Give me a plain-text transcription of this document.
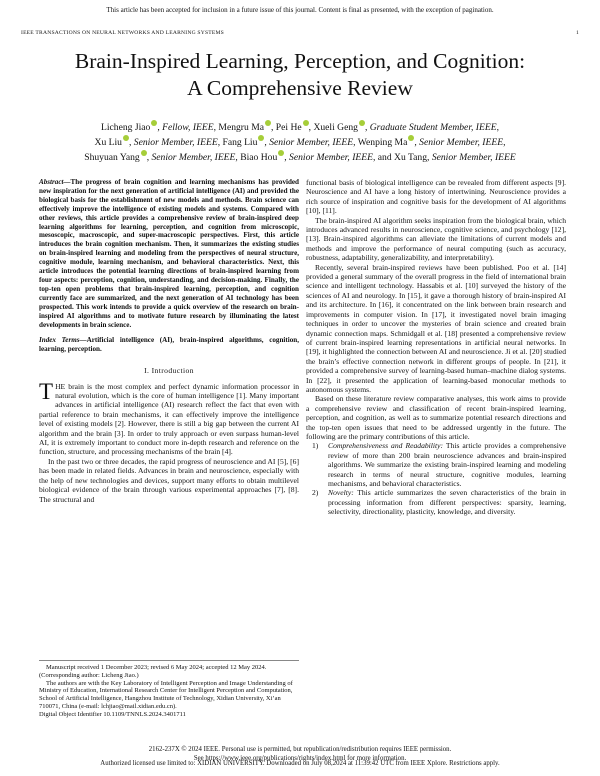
This article has been accepted for inclusion in a future issue of this journal. Content is final as presented, with the exception of pagination.
IEEE TRANSACTIONS ON NEURAL NETWORKS AND LEARNING SYSTEMS	1
Brain-Inspired Learning, Perception, and Cognition:
A Comprehensive Review
Licheng Jiao , Fellow, IEEE, Mengru Ma , Pei He , Xueli Geng , Graduate Student Member, IEEE,
Xu Liu , Senior Member, IEEE, Fang Liu , Senior Member, IEEE, Wenping Ma , Senior Member, IEEE,
Shuyuan Yang , Senior Member, IEEE, Biao Hou , Senior Member, IEEE, and Xu Tang, Senior Member, IEEE
Abstract—The progress of brain cognition and learning mechanisms has provided new inspiration for the next generation of artificial intelligence (AI) and provided the biological basis for the establishment of new models and methods. Brain science can effectively improve the intelligence of existing models and systems. Compared with other reviews, this article provides a comprehensive review of brain-inspired deep learning algorithms for learning, perception, and cognition from microscopic, mesoscopic, macroscopic, and super-macroscopic perspectives. First, this article introduces the brain cognition mechanism. Then, it summarizes the existing studies on brain-inspired learning and modeling from the perspectives of neural structure, cognitive module, learning mechanism, and behavioral characteristics. Next, this article introduces the potential learning directions of brain-inspired learning from four aspects: perception, cognition, understanding, and decision-making. Finally, the top-ten open problems that brain-inspired learning, perception, and cognition currently face are summarized, and the next generation of AI technology has been prospected. This work intends to provide a quick overview of the research on brain-inspired AI algorithms and to motivate future research by illuminating the latest developments in brain science.
Index Terms—Artificial intelligence (AI), brain-inspired algorithms, cognition, learning, perception.
I. Introduction

THE brain is the most complex and perfect dynamic information processor in natural evolution, which is the core of human intelligence [1]. Many important advances in artificial intelligence (AI) research reflect the fact that even with partial reference to brain mechanisms, it can effectively improve the intelligence level of existing models [2]. However, there is still a big gap between the current AI algorithm and the brain [3]. In order to truly approach or even surpass human-level AI, it is extremely important to conduct more in-depth research and reference on the function, structure, and processing mechanisms of the brain [4].

In the past two or three decades, the rapid progress of neuroscience and AI [5], [6] has been made in related fields. Advances in brain and neuroscience, especially with the help of new technologies and devices, support many efforts to obtain multilevel biological evidence of the brain through various experimental approaches [7], [8]. The structural and

Manuscript received 1 December 2023; revised 6 May 2024; accepted 12 May 2024. (Corresponding author: Licheng Jiao.)

The authors are with the Key Laboratory of Intelligent Perception and Image Understanding of Ministry of Education, International Research Center for Intelligent Perception and Computation, School of Artificial Intelligence, Hangzhou Institute of Technology, Xidian University, Xi’an 710071, China (e-mail: lchjiao@mail.xidian.edu.cn).

Digital Object Identifier 10.1109/TNNLS.2024.3401711

functional basis of biological intelligence can be revealed from different aspects [9]. Neuroscience and AI have a long history of intertwining. Neuroscience provides a rich source of inspiration and cognitive basis for the development of AI algorithms [10], [11].

The brain-inspired AI algorithm seeks inspiration from the biological brain, which introduces advanced results in neuroscience, cognitive science, and psychology [12], [13]. Brain-inspired algorithms can alleviate the limitations of current models and methods and improve the performance of neural computing (such as accuracy, robustness, adaptability, generalizability, and interpretability).

Recently, several brain-inspired reviews have been published. Poo et al. [14] provided a general summary of the overall progress in the field of international brain science and intelligent technology. Hassabis et al. [10] surveyed the history of the sciences of AI and neurology. In [15], it gave a thorough history of brain-inspired AI and its architecture. In [16], it concentrated on the link between brain research and improvements in computer vision. In [17], it investigated novel brain imaging techniques in order to uncover the mysteries of brain science and created brain dynamic connection maps. Schmidgall et al. [18] presented a comprehensive review of current brain-inspired learning representations in artificial neural networks. In [19], it highlighted the connection between AI and neuroscience. Ji et al. [20] studied the brain’s effective connection network in different groups of people. In [21], it provided a comprehensive survey of learning-based human–machine dialog systems. In [22], it presented the application of learning-based monocular methods to autonomous systems.

Based on these literature review comparative analyses, this work aims to provide a comprehensive review and classification of recent brain-inspired learning, perception, and cognition, as well as to summarize potential research directions and the top-ten open issues that need to be addressed urgently in the future. The following are the primary contributions of this article.

1) Comprehensiveness and Readability: This article provides a comprehensive review of more than 200 brain neuroscience advances and brain-inspired algorithms. We summarize the existing brain-inspired learning and modeling research in terms of neural structure, cognitive modules, learning mechanisms, and behavioral characteristics.
2) Novelty: This article summarizes the seven characteristics of the brain in processing information from different perspectives: sparsity, learning, selectivity, directionality, plasticity, knowledge, and diversity.
2162-237X © 2024 IEEE. Personal use is permitted, but republication/redistribution requires IEEE permission.
See https://www.ieee.org/publications/rights/index.html for more information.
Authorized licensed use limited to: XIDIAN UNIVERSITY. Downloaded on July 08,2024 at 11:39:42 UTC from IEEE Xplore. Restrictions apply.
